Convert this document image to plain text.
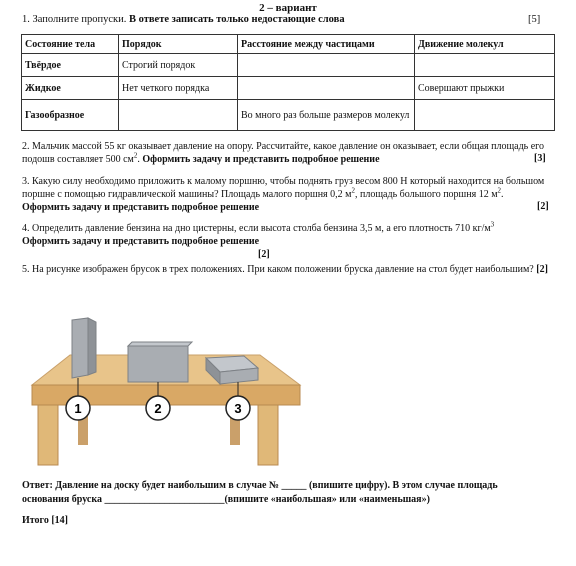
2 – вариант
1. Заполните пропуски. В ответе записать только недостающие слова	[5]
Состояние тела	Порядок	Расстояние между частицами	Движение молекул
Твёрдое	Строгий порядок		
Жидкое	Нет четкого порядка		Совершают прыжки
Газообразное		Во много раз больше размеров молекул	
2. Мальчик массой 55 кг оказывает давление на опору. Рассчитайте, какое давление он оказывает, если общая площадь его подошв составляет 500 $см^2$. Оформить задачу и представить подробное решение	[3]
3. Какую силу необходимо приложить к малому поршню, чтобы поднять груз весом 800 Н который находится на большом поршне с помощью гидравлической машины? Площадь малого поршня 0,2 $м^2$, площадь большого поршня 12 $м^2$. Оформить задачу и представить подробное решение	[2]
4. Определить давление бензина на дно цистерны, если высота столба бензина 3,5 м, а его плотность 710 $кг/м^3$
Оформить задачу и представить подробное решение
[2]
5. На рисунке изображен брусок в трех положениях. При каком положении бруска давление на стол будет наибольшим? [2]
1	2	3
Ответ: Давление на доску будет наибольшим в случае № _____ (впишите цифру). В этом случае площадь
основания бруска ________________________(впишите «наибольшая» или «наименьшая»)
Итого [14]
